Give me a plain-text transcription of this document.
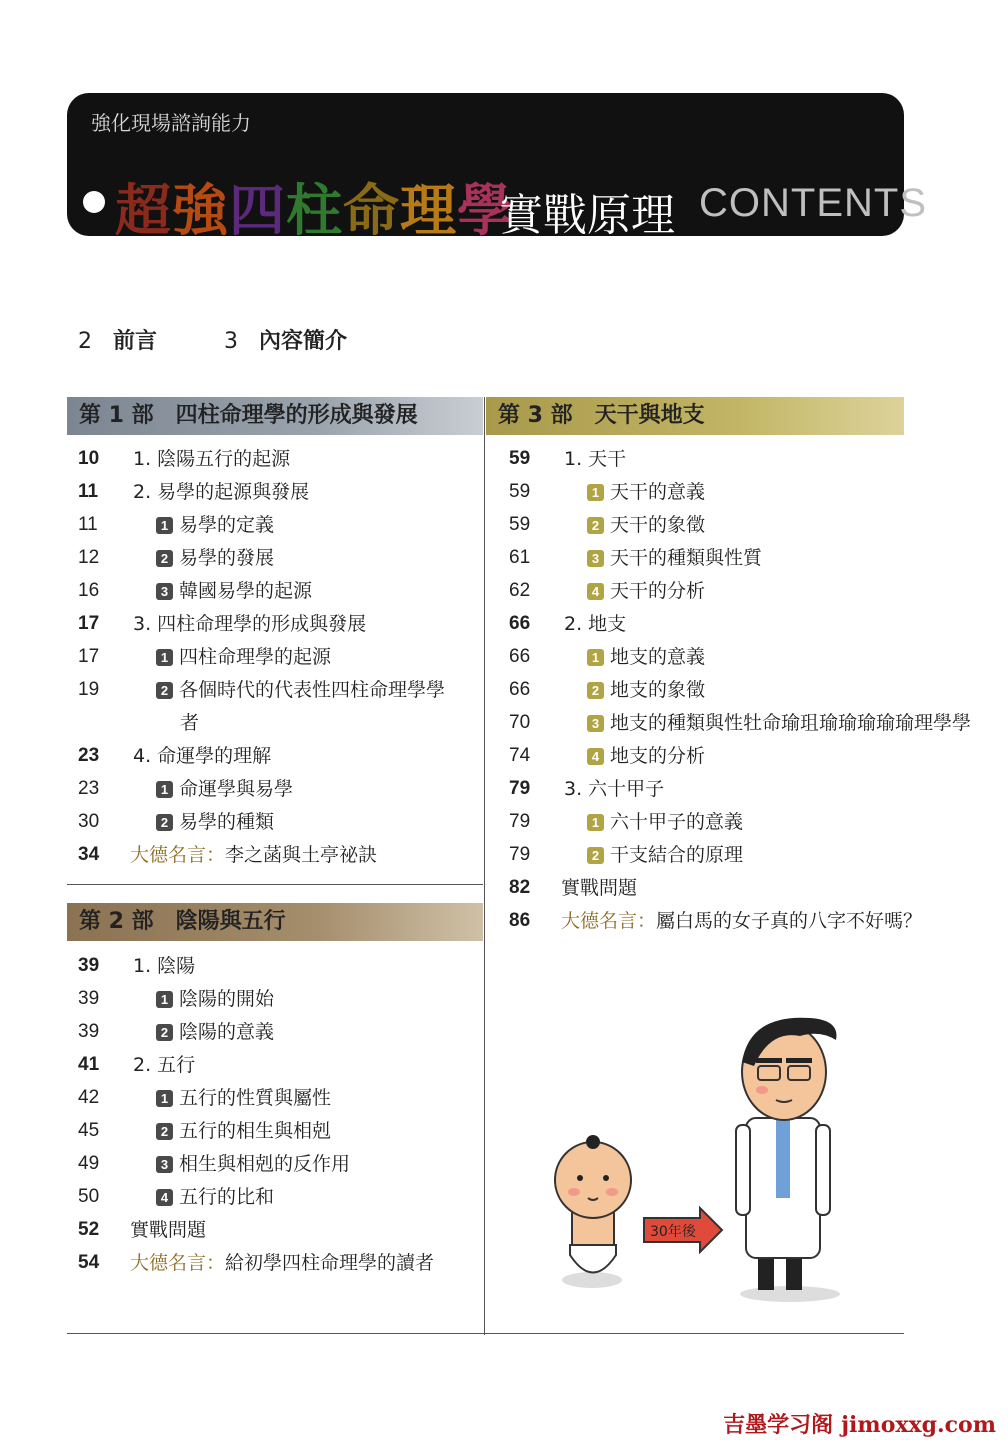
強化現場諮詢能力
超強四柱命理學
實戰原理 CONTENTS
2 前言	3 內容簡介
第 1 部　四柱命理學的形成與發展
第 2 部　陰陽與五行
第 3 部　天干與地支
10	1. 陰陽五行的起源
11	2. 易學的起源與發展
11	1 易學的定義
12	2 易學的發展
16	3 韓國易學的起源
17	3. 四柱命理學的形成與發展
17	1 四柱命理學的起源
19	2 各個時代的代表性四柱命理學學
者
23	4. 命運學的理解
23	1 命運學與易學
30	2 易學的種類
34	大德名言：李之菡與土亭祕訣
39	1. 陰陽
39	1 陰陽的開始
39	2 陰陽的意義
41	2. 五行
42	1 五行的性質與屬性
45	2 五行的相生與相剋
49	3 相生與相剋的反作用
50	4 五行的比和
52	實戰問題
54	大德名言：給初學四柱命理學的讀者
59	1. 天干
59	1 天干的意義
59	2 天干的象徵
61	3 天干的種類與性質
62	4 天干的分析
66	2. 地支
66	1 地支的意義
66	2 地支的象徵
70	3 地支的種類與性牡命瑜珇瑜瑜瑜瑜瑜理學學
74	4 地支的分析
79	3. 六十甲子
79	1 六十甲子的意義
79	2 干支結合的原理
82	實戰問題
86	大德名言：屬白馬的女子真的八字不好嗎？
30年後
吉墨学习阁 jimoxxg.com
